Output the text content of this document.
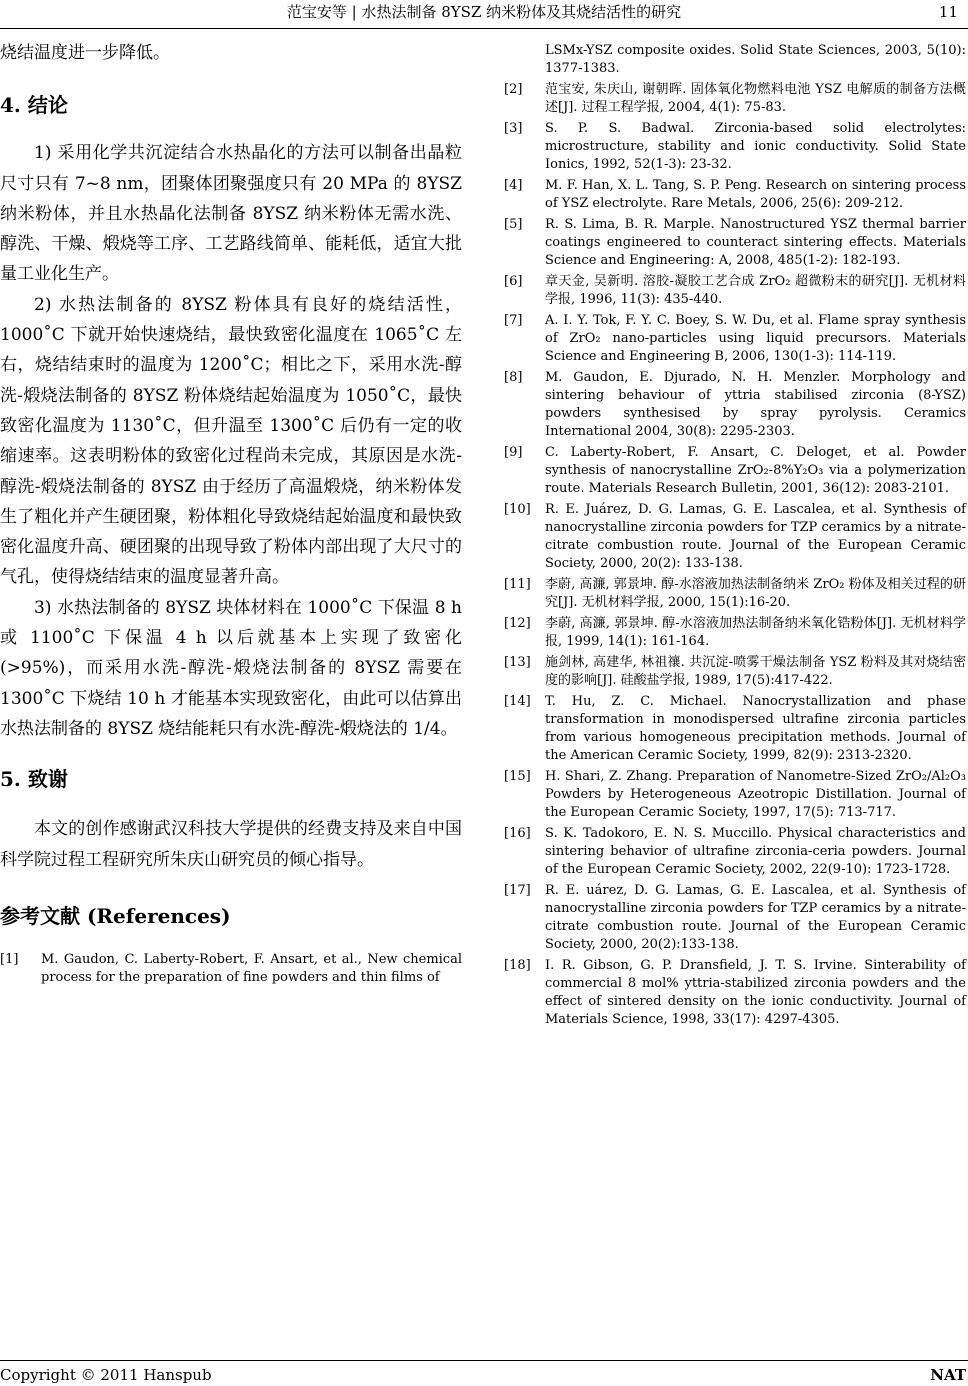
范宝安等 | 水热法制备 8YSZ 纳米粉体及其烧结活性的研究	11

烧结温度进一步降低。

4. 结论

1) 采用化学共沉淀结合水热晶化的方法可以制备出晶粒尺寸只有 7~8 nm，团聚体团聚强度只有 20 MPa 的 8YSZ 纳米粉体，并且水热晶化法制备 8YSZ 纳米粉体无需水洗、醇洗、干燥、煅烧等工序、工艺路线简单、能耗低，适宜大批量工业化生产。

2) 水热法制备的 8YSZ 粉体具有良好的烧结活性，1000˚C 下就开始快速烧结，最快致密化温度在 1065˚C 左右，烧结结束时的温度为 1200˚C；相比之下，采用水洗-醇洗-煅烧法制备的 8YSZ 粉体烧结起始温度为 1050˚C，最快致密化温度为 1130˚C，但升温至 1300˚C 后仍有一定的收缩速率。这表明粉体的致密化过程尚未完成，其原因是水洗-醇洗-煅烧法制备的 8YSZ 由于经历了高温煅烧，纳米粉体发生了粗化并产生硬团聚，粉体粗化导致烧结起始温度和最快致密化温度升高、硬团聚的出现导致了粉体内部出现了大尺寸的气孔，使得烧结结束的温度显著升高。

3) 水热法制备的 8YSZ 块体材料在 1000˚C 下保温 8 h 或 1100˚C 下保温 4 h 以后就基本上实现了致密化(>95%)，而采用水洗-醇洗-煅烧法制备的 8YSZ 需要在 1300˚C 下烧结 10 h 才能基本实现致密化，由此可以估算出水热法制备的 8YSZ 烧结能耗只有水洗-醇洗-煅烧法的 1/4。

5. 致谢

本文的创作感谢武汉科技大学提供的经费支持及来自中国科学院过程工程研究所朱庆山研究员的倾心指导。

参考文献 (References)
[1]	M. Gaudon, C. Laberty-Robert, F. Ansart, et al., New chemical process for the preparation of fine powders and thin films of
LSMx-YSZ composite oxides. Solid State Sciences, 2003, 5(10): 1377-1383.
[2]	范宝安, 朱庆山, 谢朝晖. 固体氧化物燃料电池 YSZ 电解质的制备方法概述[J]. 过程工程学报, 2004, 4(1): 75-83.
[3]	S. P. S. Badwal. Zirconia-based solid electrolytes: microstructure, stability and ionic conductivity. Solid State Ionics, 1992, 52(1-3): 23-32.
[4]	M. F. Han, X. L. Tang, S. P. Peng. Research on sintering process of YSZ electrolyte. Rare Metals, 2006, 25(6): 209-212.
[5]	R. S. Lima, B. R. Marple. Nanostructured YSZ thermal barrier coatings engineered to counteract sintering effects. Materials Science and Engineering: A, 2008, 485(1-2): 182-193.
[6]	章天金, 吴新明. 溶胶-凝胶工艺合成 ZrO₂ 超微粉末的研究[J]. 无机材料学报, 1996, 11(3): 435-440.
[7]	A. I. Y. Tok, F. Y. C. Boey, S. W. Du, et al. Flame spray synthesis of ZrO₂ nano-particles using liquid precursors. Materials Science and Engineering B, 2006, 130(1-3): 114-119.
[8]	M. Gaudon, E. Djurado, N. H. Menzler. Morphology and sintering behaviour of yttria stabilised zirconia (8-YSZ) powders synthesised by spray pyrolysis. Ceramics International 2004, 30(8): 2295-2303.
[9]	C. Laberty-Robert, F. Ansart, C. Deloget, et al. Powder synthesis of nanocrystalline ZrO₂-8%Y₂O₃ via a polymerization route. Materials Research Bulletin, 2001, 36(12): 2083-2101.
[10]	R. E. Juárez, D. G. Lamas, G. E. Lascalea, et al. Synthesis of nanocrystalline zirconia powders for TZP ceramics by a nitrate-citrate combustion route. Journal of the European Ceramic Society, 2000, 20(2): 133-138.
[11]	李蔚, 高濂, 郭景坤. 醇-水溶液加热法制备纳米 ZrO₂ 粉体及相关过程的研究[J]. 无机材料学报, 2000, 15(1):16-20.
[12]	李蔚, 高濂, 郭景坤. 醇-水溶液加热法制备纳米氧化锆粉体[J]. 无机材料学报, 1999, 14(1): 161-164.
[13]	施剑林, 高建华, 林祖禳. 共沉淀-喷雾干燥法制备 YSZ 粉料及其对烧结密度的影响[J]. 硅酸盐学报, 1989, 17(5):417-422.
[14]	T. Hu, Z. C. Michael. Nanocrystallization and phase transformation in monodispersed ultrafine zirconia particles from various homogeneous precipitation methods. Journal of the American Ceramic Society, 1999, 82(9): 2313-2320.
[15]	H. Shari, Z. Zhang. Preparation of Nanometre-Sized ZrO₂/Al₂O₃ Powders by Heterogeneous Azeotropic Distillation. Journal of the European Ceramic Society, 1997, 17(5): 713-717.
[16]	S. K. Tadokoro, E. N. S. Muccillo. Physical characteristics and sintering behavior of ultrafine zirconia-ceria powders. Journal of the European Ceramic Society, 2002, 22(9-10): 1723-1728.
[17]	R. E. uárez, D. G. Lamas, G. E. Lascalea, et al. Synthesis of nanocrystalline zirconia powders for TZP ceramics by a nitrate-citrate combustion route. Journal of the European Ceramic Society, 2000, 20(2):133-138.
[18]	I. R. Gibson, G. P. Dransfield, J. T. S. Irvine. Sinterability of commercial 8 mol% yttria-stabilized zirconia powders and the effect of sintered density on the ionic conductivity. Journal of Materials Science, 1998, 33(17): 4297-4305.
Copyright © 2011 Hanspub	NAT
